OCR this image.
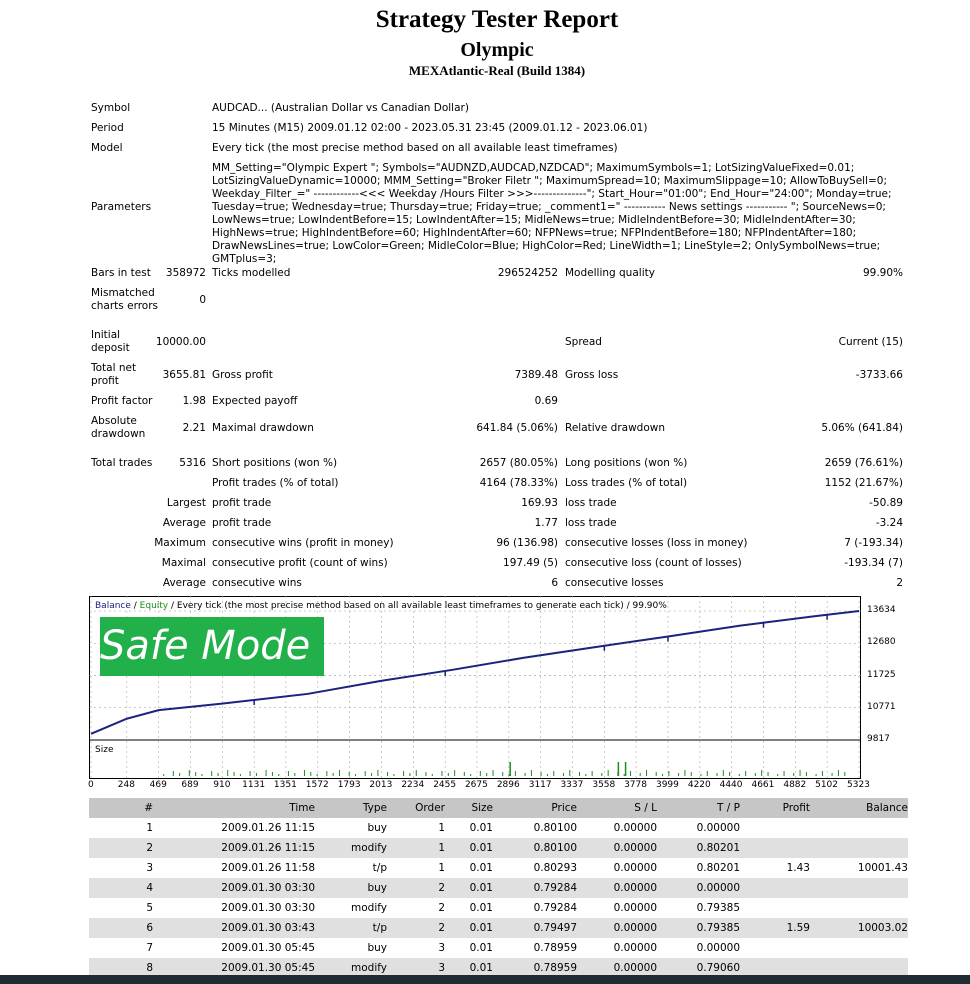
Strategy Tester Report
Olympic
MEXAtlantic-Real (Build 1384)
Symbol	AUDCAD... (Australian Dollar vs Canadian Dollar)
Period	15 Minutes (M15) 2009.01.12 02:00 - 2023.05.31 23:45 (2009.01.12 - 2023.06.01)
Model	Every tick (the most precise method based on all available least timeframes)
Parameters
MM_Setting="Olympic Expert "; Symbols="AUDNZD,AUDCAD,NZDCAD"; MaximumSymbols=1; LotSizingValueFixed=0.01; LotSizingValueDynamic=10000; MMM_Setting="Broker Filetr "; MaximumSpread=10; MaximumSlippage=10; AllowToBuySell=0; Weekday_Filter_=" ------------<<< Weekday /Hours Filter >>>--------------"; Start_Hour="01:00"; End_Hour="24:00"; Monday=true; Tuesday=true; Wednesday=true; Thursday=true; Friday=true; _comment1=" ----------- News settings ----------- "; SourceNews=0; LowNews=true; LowIndentBefore=15; LowIndentAfter=15; MidleNews=true; MidleIndentBefore=30; MidleIndentAfter=30; HighNews=true; HighIndentBefore=60; HighIndentAfter=60; NFPNews=true; NFPIndentBefore=180; NFPIndentAfter=180; DrawNewsLines=true; LowColor=Green; MidleColor=Blue; HighColor=Red; LineWidth=1; LineStyle=2; OnlySymbolNews=true; GMTplus=3;
Bars in test	358972 Ticks modelled	296524252 Modelling quality	99.90%
Mismatched charts errors	0
Initial deposit	10000.00	Spread	Current (15)
Total net profit	3655.81 Gross profit	7389.48 Gross loss	-3733.66
Profit factor	1.98 Expected payoff	0.69
Absolute drawdown	2.21 Maximal drawdown	641.84 (5.06%) Relative drawdown	5.06% (641.84)
Total trades	5316 Short positions (won %)	2657 (80.05%) Long positions (won %)	2659 (76.61%)
Profit trades (% of total)	4164 (78.33%) Loss trades (% of total)	1152 (21.67%)
Largest profit trade	169.93 loss trade	-50.89
Average profit trade	1.77 loss trade	-3.24
Maximum consecutive wins (profit in money)	96 (136.98) consecutive losses (loss in money)	7 (-193.34)
Maximal consecutive profit (count of wins)	197.49 (5) consecutive loss (count of losses)	-193.34 (7)
Average consecutive wins	6 consecutive losses	2
Balance / Equity / Every tick (the most precise method based on all available least timeframes to generate each tick) / 99.90%
Safe Mode
Size
13634
12680
11725
10771
9817
0	248 469 689 910 1131 1351 1572 1793 2013 2234 2455 2675 2896 3117 3337 3558 3778 3999 4220 4440 4661 4882 5102 5323
#	Time	Type	Order	Size	Price	S / L	T / P	Profit	Balance
1	2009.01.26 11:15	buy	1	0.01	0.80100	0.00000	0.00000		
2	2009.01.26 11:15	modify	1	0.01	0.80100	0.00000	0.80201		
3	2009.01.26 11:58	t/p	1	0.01	0.80293	0.00000	0.80201	1.43	10001.43
4	2009.01.30 03:30	buy	2	0.01	0.79284	0.00000	0.00000		
5	2009.01.30 03:30	modify	2	0.01	0.79284	0.00000	0.79385		
6	2009.01.30 03:43	t/p	2	0.01	0.79497	0.00000	0.79385	1.59	10003.02
7	2009.01.30 05:45	buy	3	0.01	0.78959	0.00000	0.00000		
8	2009.01.30 05:45	modify	3	0.01	0.78959	0.00000	0.79060		
